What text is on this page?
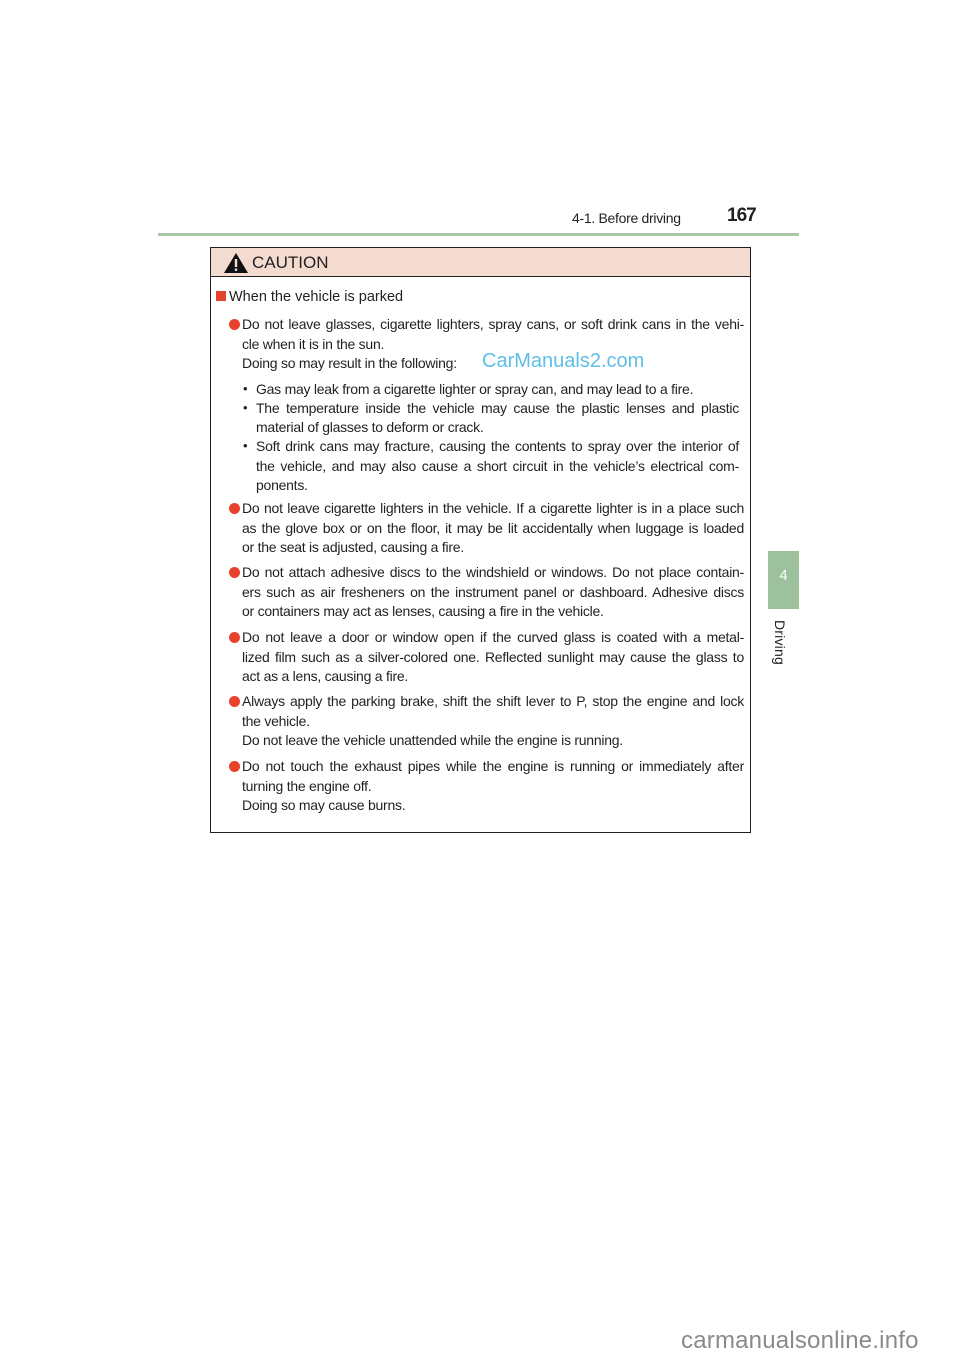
4-1. Before driving 167
4
Driving
CAUTION
When the vehicle is parked
Do not leave glasses, cigarette lighters, spray cans, or soft drink cans in the vehi-
cle when it is in the sun.
Doing so may result in the following:
• Gas may leak from a cigarette lighter or spray can, and may lead to a fire.
• The temperature inside the vehicle may cause the plastic lenses and plastic
material of glasses to deform or crack.
• Soft drink cans may fracture, causing the contents to spray over the interior of
the vehicle, and may also cause a short circuit in the vehicle’s electrical com-
ponents.
Do not leave cigarette lighters in the vehicle. If a cigarette lighter is in a place such
as the glove box or on the floor, it may be lit accidentally when luggage is loaded
or the seat is adjusted, causing a fire.
Do not attach adhesive discs to the windshield or windows. Do not place contain-
ers such as air fresheners on the instrument panel or dashboard. Adhesive discs
or containers may act as lenses, causing a fire in the vehicle.
Do not leave a door or window open if the curved glass is coated with a metal-
lized film such as a silver-colored one. Reflected sunlight may cause the glass to
act as a lens, causing a fire.
Always apply the parking brake, shift the shift lever to P, stop the engine and lock
the vehicle.
Do not leave the vehicle unattended while the engine is running.
Do not touch the exhaust pipes while the engine is running or immediately after
turning the engine off.
Doing so may cause burns.
CarManuals2.com
carmanualsonline.info
